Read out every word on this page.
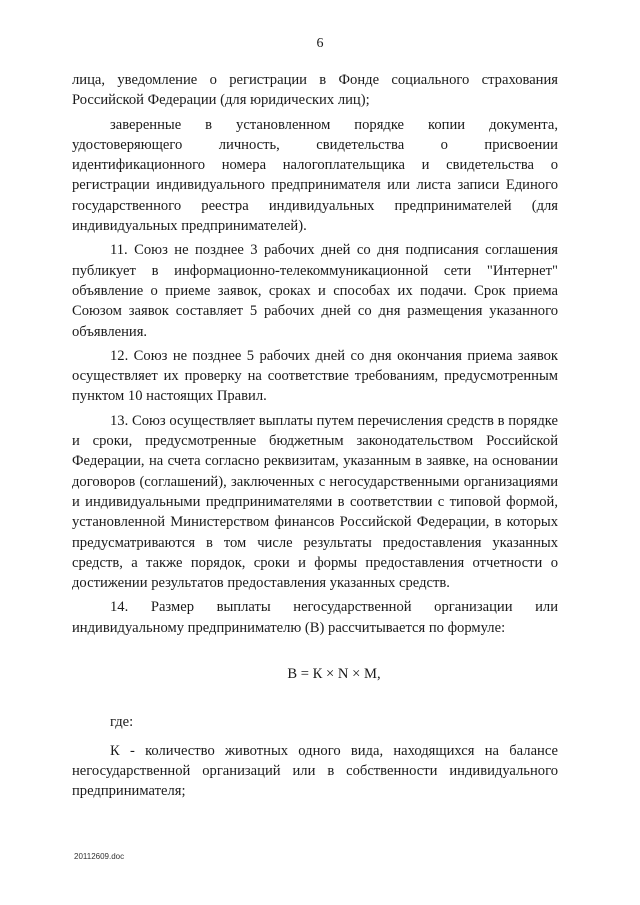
6

лица, уведомление о регистрации в Фонде социального страхования Российской Федерации (для юридических лиц);

заверенные в установленном порядке копии документа, удостоверяющего личность, свидетельства о присвоении идентификационного номера налогоплательщика и свидетельства о регистрации индивидуального предпринимателя или листа записи Единого государственного реестра индивидуальных предпринимателей (для индивидуальных предпринимателей).

11. Союз не позднее 3 рабочих дней со дня подписания соглашения публикует в информационно-телекоммуникационной сети "Интернет" объявление о приеме заявок, сроках и способах их подачи. Срок приема Союзом заявок составляет 5 рабочих дней со дня размещения указанного объявления.

12. Союз не позднее 5 рабочих дней со дня окончания приема заявок осуществляет их проверку на соответствие требованиям, предусмотренным пунктом 10 настоящих Правил.

13. Союз осуществляет выплаты путем перечисления средств в порядке и сроки, предусмотренные бюджетным законодательством Российской Федерации, на счета согласно реквизитам, указанным в заявке, на основании договоров (соглашений), заключенных с негосударственными организациями и индивидуальными предпринимателями в соответствии с типовой формой, установленной Министерством финансов Российской Федерации, в которых предусматриваются в том числе результаты предоставления указанных средств, а также порядок, сроки и формы предоставления отчетности о достижении результатов предоставления указанных средств.

14. Размер выплаты негосударственной организации или индивидуальному предпринимателю (В) рассчитывается по формуле:

В = К × N × М,

где:

К - количество животных одного вида, находящихся на балансе негосударственной организаций или в собственности индивидуального предпринимателя;

20112609.doc
